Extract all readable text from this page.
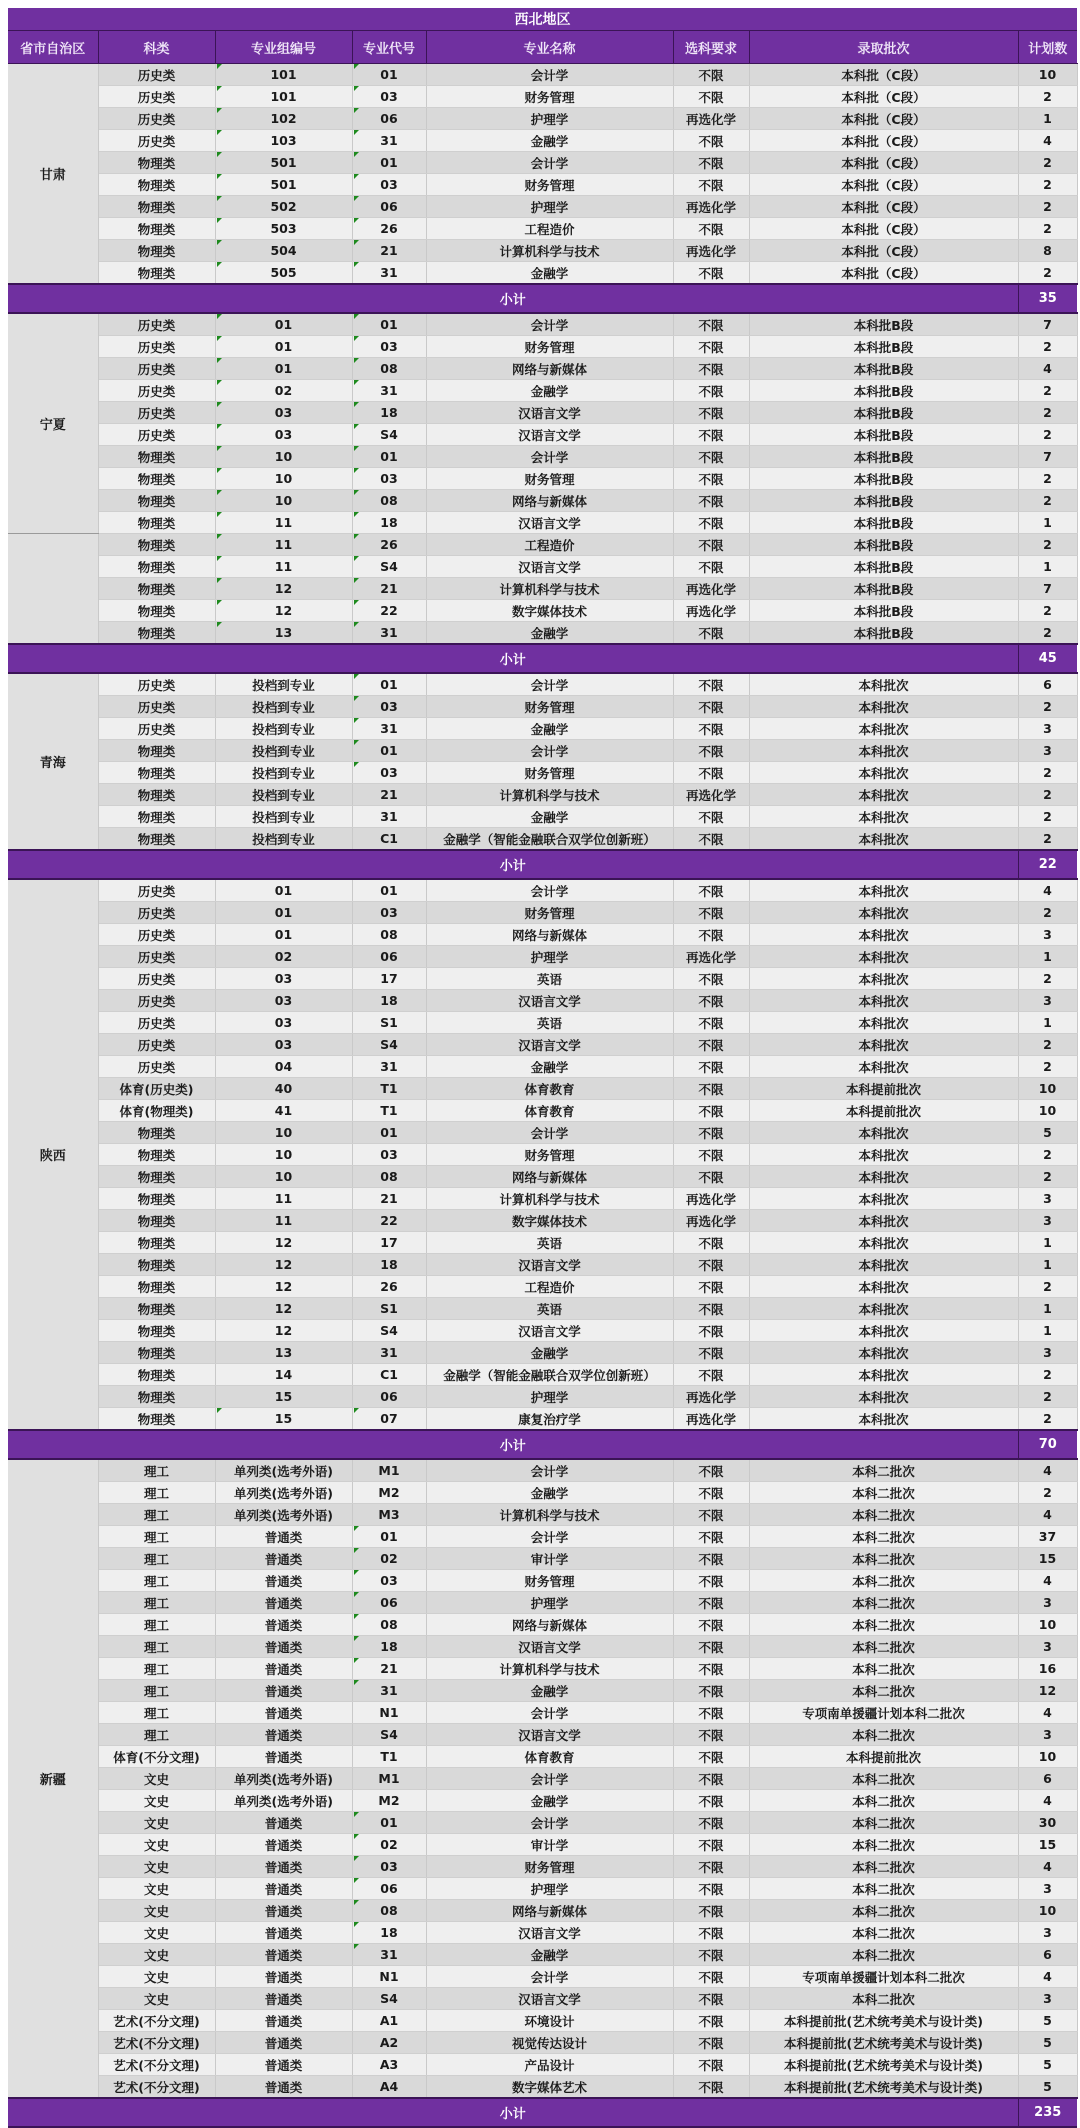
西北地区							
省市自治区	科类	专业组编号	专业代号	专业名称	选科要求	录取批次	计划数
甘肃	历史类	101	01	会计学	不限	本科批（C段）	10
	历史类	101	03	财务管理	不限	本科批（C段）	2
	历史类	102	06	护理学	再选化学	本科批（C段）	1
	历史类	103	31	金融学	不限	本科批（C段）	4
	物理类	501	01	会计学	不限	本科批（C段）	2
	物理类	501	03	财务管理	不限	本科批（C段）	2
	物理类	502	06	护理学	再选化学	本科批（C段）	2
	物理类	503	26	工程造价	不限	本科批（C段）	2
	物理类	504	21	计算机科学与技术	再选化学	本科批（C段）	8
	物理类	505	31	金融学	不限	本科批（C段）	2
小计							35
宁夏	历史类	01	01	会计学	不限	本科批B段	7
	历史类	01	03	财务管理	不限	本科批B段	2
	历史类	01	08	网络与新媒体	不限	本科批B段	4
	历史类	02	31	金融学	不限	本科批B段	2
	历史类	03	18	汉语言文学	不限	本科批B段	2
	历史类	03	S4	汉语言文学	不限	本科批B段	2
	物理类	10	01	会计学	不限	本科批B段	7
	物理类	10	03	财务管理	不限	本科批B段	2
	物理类	10	08	网络与新媒体	不限	本科批B段	2
	物理类	11	18	汉语言文学	不限	本科批B段	1
	物理类	11	26	工程造价	不限	本科批B段	2
	物理类	11	S4	汉语言文学	不限	本科批B段	1
	物理类	12	21	计算机科学与技术	再选化学	本科批B段	7
	物理类	12	22	数字媒体技术	再选化学	本科批B段	2
	物理类	13	31	金融学	不限	本科批B段	2
小计							45
青海	历史类	投档到专业	01	会计学	不限	本科批次	6
	历史类	投档到专业	03	财务管理	不限	本科批次	2
	历史类	投档到专业	31	金融学	不限	本科批次	3
	物理类	投档到专业	01	会计学	不限	本科批次	3
	物理类	投档到专业	03	财务管理	不限	本科批次	2
	物理类	投档到专业	21	计算机科学与技术	再选化学	本科批次	2
	物理类	投档到专业	31	金融学	不限	本科批次	2
	物理类	投档到专业	C1	金融学（智能金融联合双学位创新班）	不限	本科批次	2
小计							22
陕西	历史类	01	01	会计学	不限	本科批次	4
	历史类	01	03	财务管理	不限	本科批次	2
	历史类	01	08	网络与新媒体	不限	本科批次	3
	历史类	02	06	护理学	再选化学	本科批次	1
	历史类	03	17	英语	不限	本科批次	2
	历史类	03	18	汉语言文学	不限	本科批次	3
	历史类	03	S1	英语	不限	本科批次	1
	历史类	03	S4	汉语言文学	不限	本科批次	2
	历史类	04	31	金融学	不限	本科批次	2
	体育(历史类)	40	T1	体育教育	不限	本科提前批次	10
	体育(物理类)	41	T1	体育教育	不限	本科提前批次	10
	物理类	10	01	会计学	不限	本科批次	5
	物理类	10	03	财务管理	不限	本科批次	2
	物理类	10	08	网络与新媒体	不限	本科批次	2
	物理类	11	21	计算机科学与技术	再选化学	本科批次	3
	物理类	11	22	数字媒体技术	再选化学	本科批次	3
	物理类	12	17	英语	不限	本科批次	1
	物理类	12	18	汉语言文学	不限	本科批次	1
	物理类	12	26	工程造价	不限	本科批次	2
	物理类	12	S1	英语	不限	本科批次	1
	物理类	12	S4	汉语言文学	不限	本科批次	1
	物理类	13	31	金融学	不限	本科批次	3
	物理类	14	C1	金融学（智能金融联合双学位创新班）	不限	本科批次	2
	物理类	15	06	护理学	再选化学	本科批次	2
	物理类	15	07	康复治疗学	再选化学	本科批次	2
小计							70
新疆	理工	单列类(选考外语)	M1	会计学	不限	本科二批次	4
	理工	单列类(选考外语)	M2	金融学	不限	本科二批次	2
	理工	单列类(选考外语)	M3	计算机科学与技术	不限	本科二批次	4
	理工	普通类	01	会计学	不限	本科二批次	37
	理工	普通类	02	审计学	不限	本科二批次	15
	理工	普通类	03	财务管理	不限	本科二批次	4
	理工	普通类	06	护理学	不限	本科二批次	3
	理工	普通类	08	网络与新媒体	不限	本科二批次	10
	理工	普通类	18	汉语言文学	不限	本科二批次	3
	理工	普通类	21	计算机科学与技术	不限	本科二批次	16
	理工	普通类	31	金融学	不限	本科二批次	12
	理工	普通类	N1	会计学	不限	专项南单援疆计划本科二批次	4
	理工	普通类	S4	汉语言文学	不限	本科二批次	3
	体育(不分文理)	普通类	T1	体育教育	不限	本科提前批次	10
	文史	单列类(选考外语)	M1	会计学	不限	本科二批次	6
	文史	单列类(选考外语)	M2	金融学	不限	本科二批次	4
	文史	普通类	01	会计学	不限	本科二批次	30
	文史	普通类	02	审计学	不限	本科二批次	15
	文史	普通类	03	财务管理	不限	本科二批次	4
	文史	普通类	06	护理学	不限	本科二批次	3
	文史	普通类	08	网络与新媒体	不限	本科二批次	10
	文史	普通类	18	汉语言文学	不限	本科二批次	3
	文史	普通类	31	金融学	不限	本科二批次	6
	文史	普通类	N1	会计学	不限	专项南单援疆计划本科二批次	4
	文史	普通类	S4	汉语言文学	不限	本科二批次	3
	艺术(不分文理)	普通类	A1	环境设计	不限	本科提前批(艺术统考美术与设计类)	5
	艺术(不分文理)	普通类	A2	视觉传达设计	不限	本科提前批(艺术统考美术与设计类)	5
	艺术(不分文理)	普通类	A3	产品设计	不限	本科提前批(艺术统考美术与设计类)	5
	艺术(不分文理)	普通类	A4	数字媒体艺术	不限	本科提前批(艺术统考美术与设计类)	5
小计							235
